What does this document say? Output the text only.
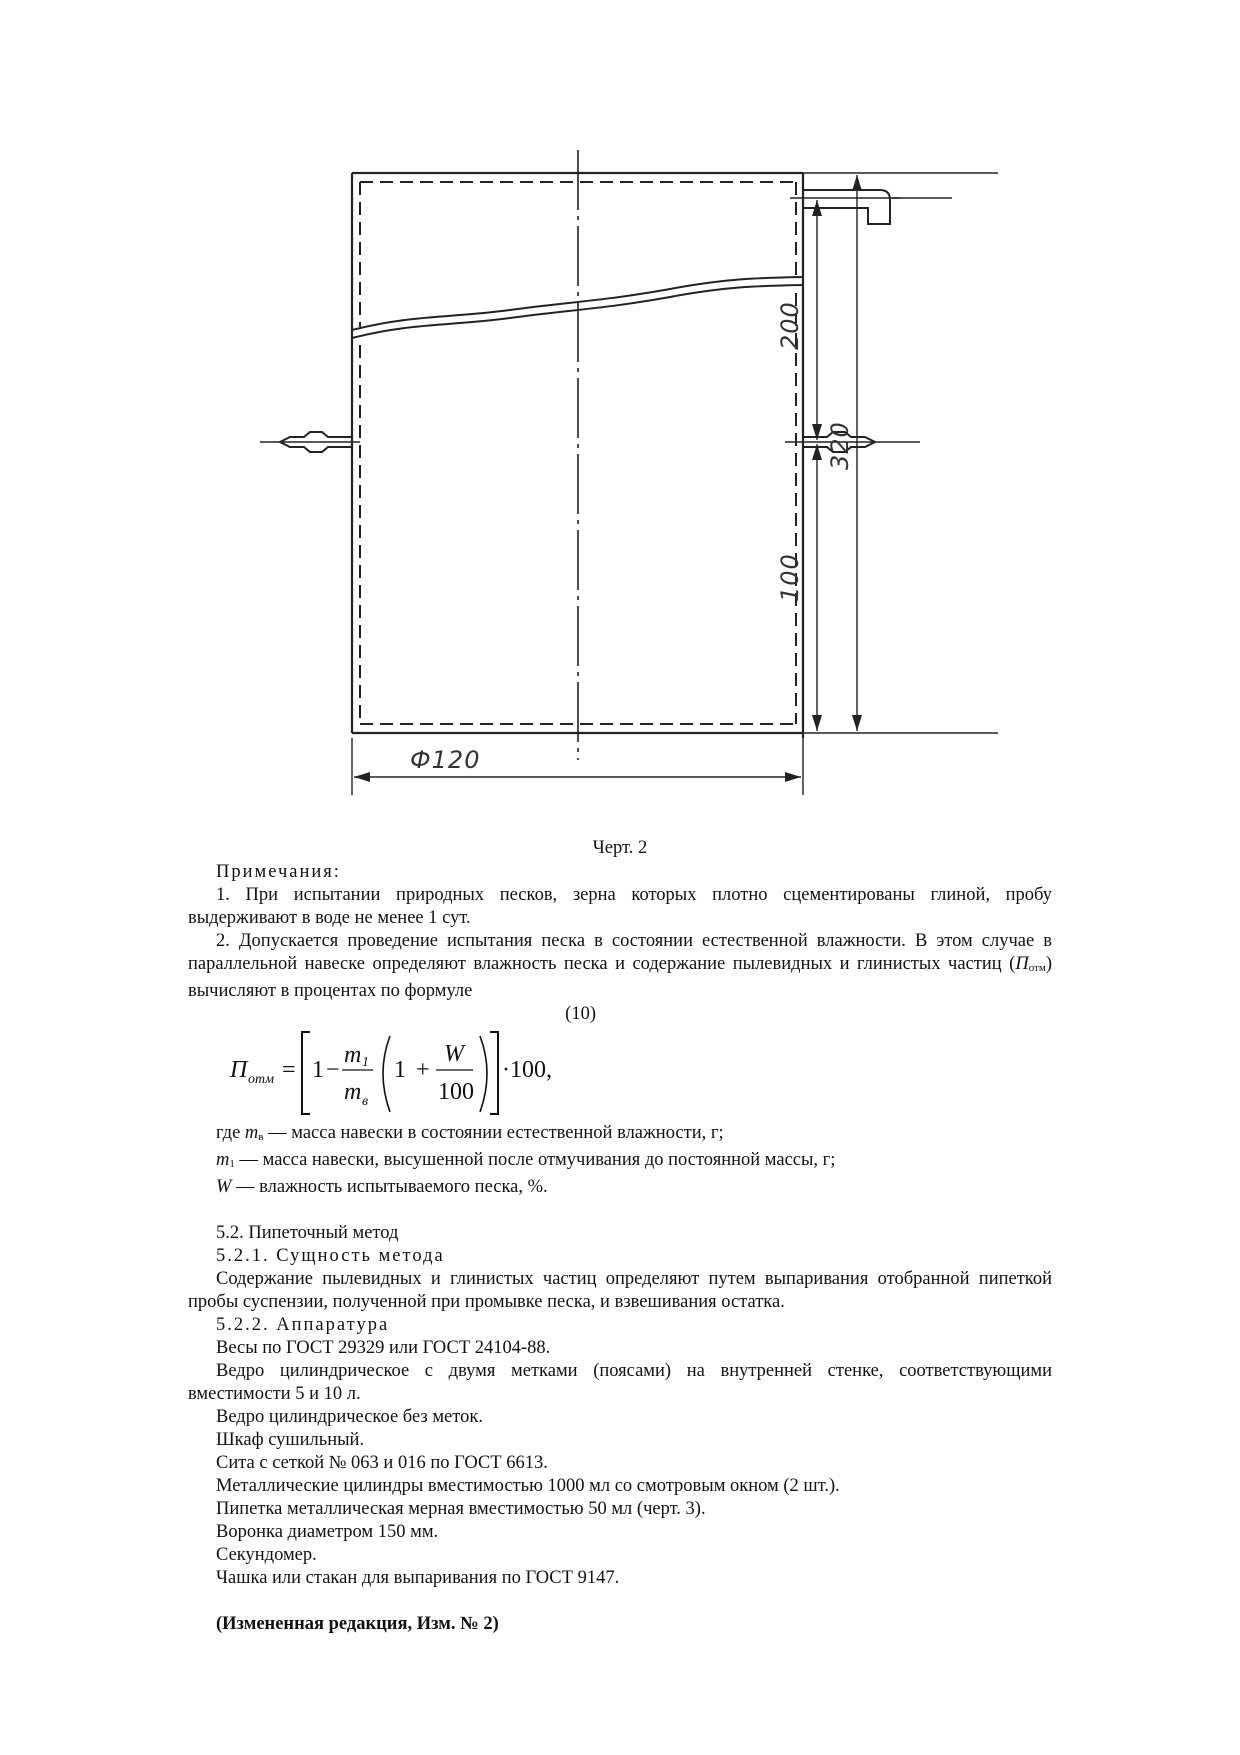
200
320
100
Ф120
Черт. 2

Примечания:

1. При испытании природных песков, зерна которых плотно сцементированы глиной, пробу выдерживают в воде не менее 1 сут.

2. Допускается проведение испытания песка в состоянии естественной влажности. В этом случае в параллельной навеске определяют влажность песка и содержание пылевидных и глинистых частиц $(П_{отм})$ вычисляют в процентах по формуле

(10)

П отм = 1 −
m 1
m в
1 +
W
100
·100,

где $m_в$ — масса навески в состоянии естественной влажности, г;

$m_1$ — масса навески, высушенной после отмучивания до постоянной массы, г;

W — влажность испытываемого песка, %.

5.2. Пипеточный метод

5.2.1. Сущность метода

Содержание пылевидных и глинистых частиц определяют путем выпаривания отобранной пипеткой пробы суспензии, полученной при промывке песка, и взвешивания остатка.

5.2.2. Аппаратура

Весы по ГОСТ 29329 или ГОСТ 24104-88.

Ведро цилиндрическое с двумя метками (поясами) на внутренней стенке, соответствующими вместимости 5 и 10 л.

Ведро цилиндрическое без меток.

Шкаф сушильный.

Сита с сеткой № 063 и 016 по ГОСТ 6613.

Металлические цилиндры вместимостью 1000 мл со смотровым окном (2 шт.).

Пипетка металлическая мерная вместимостью 50 мл (черт. 3).

Воронка диаметром 150 мм.

Секундомер.

Чашка или стакан для выпаривания по ГОСТ 9147.

(Измененная редакция, Изм. № 2)
